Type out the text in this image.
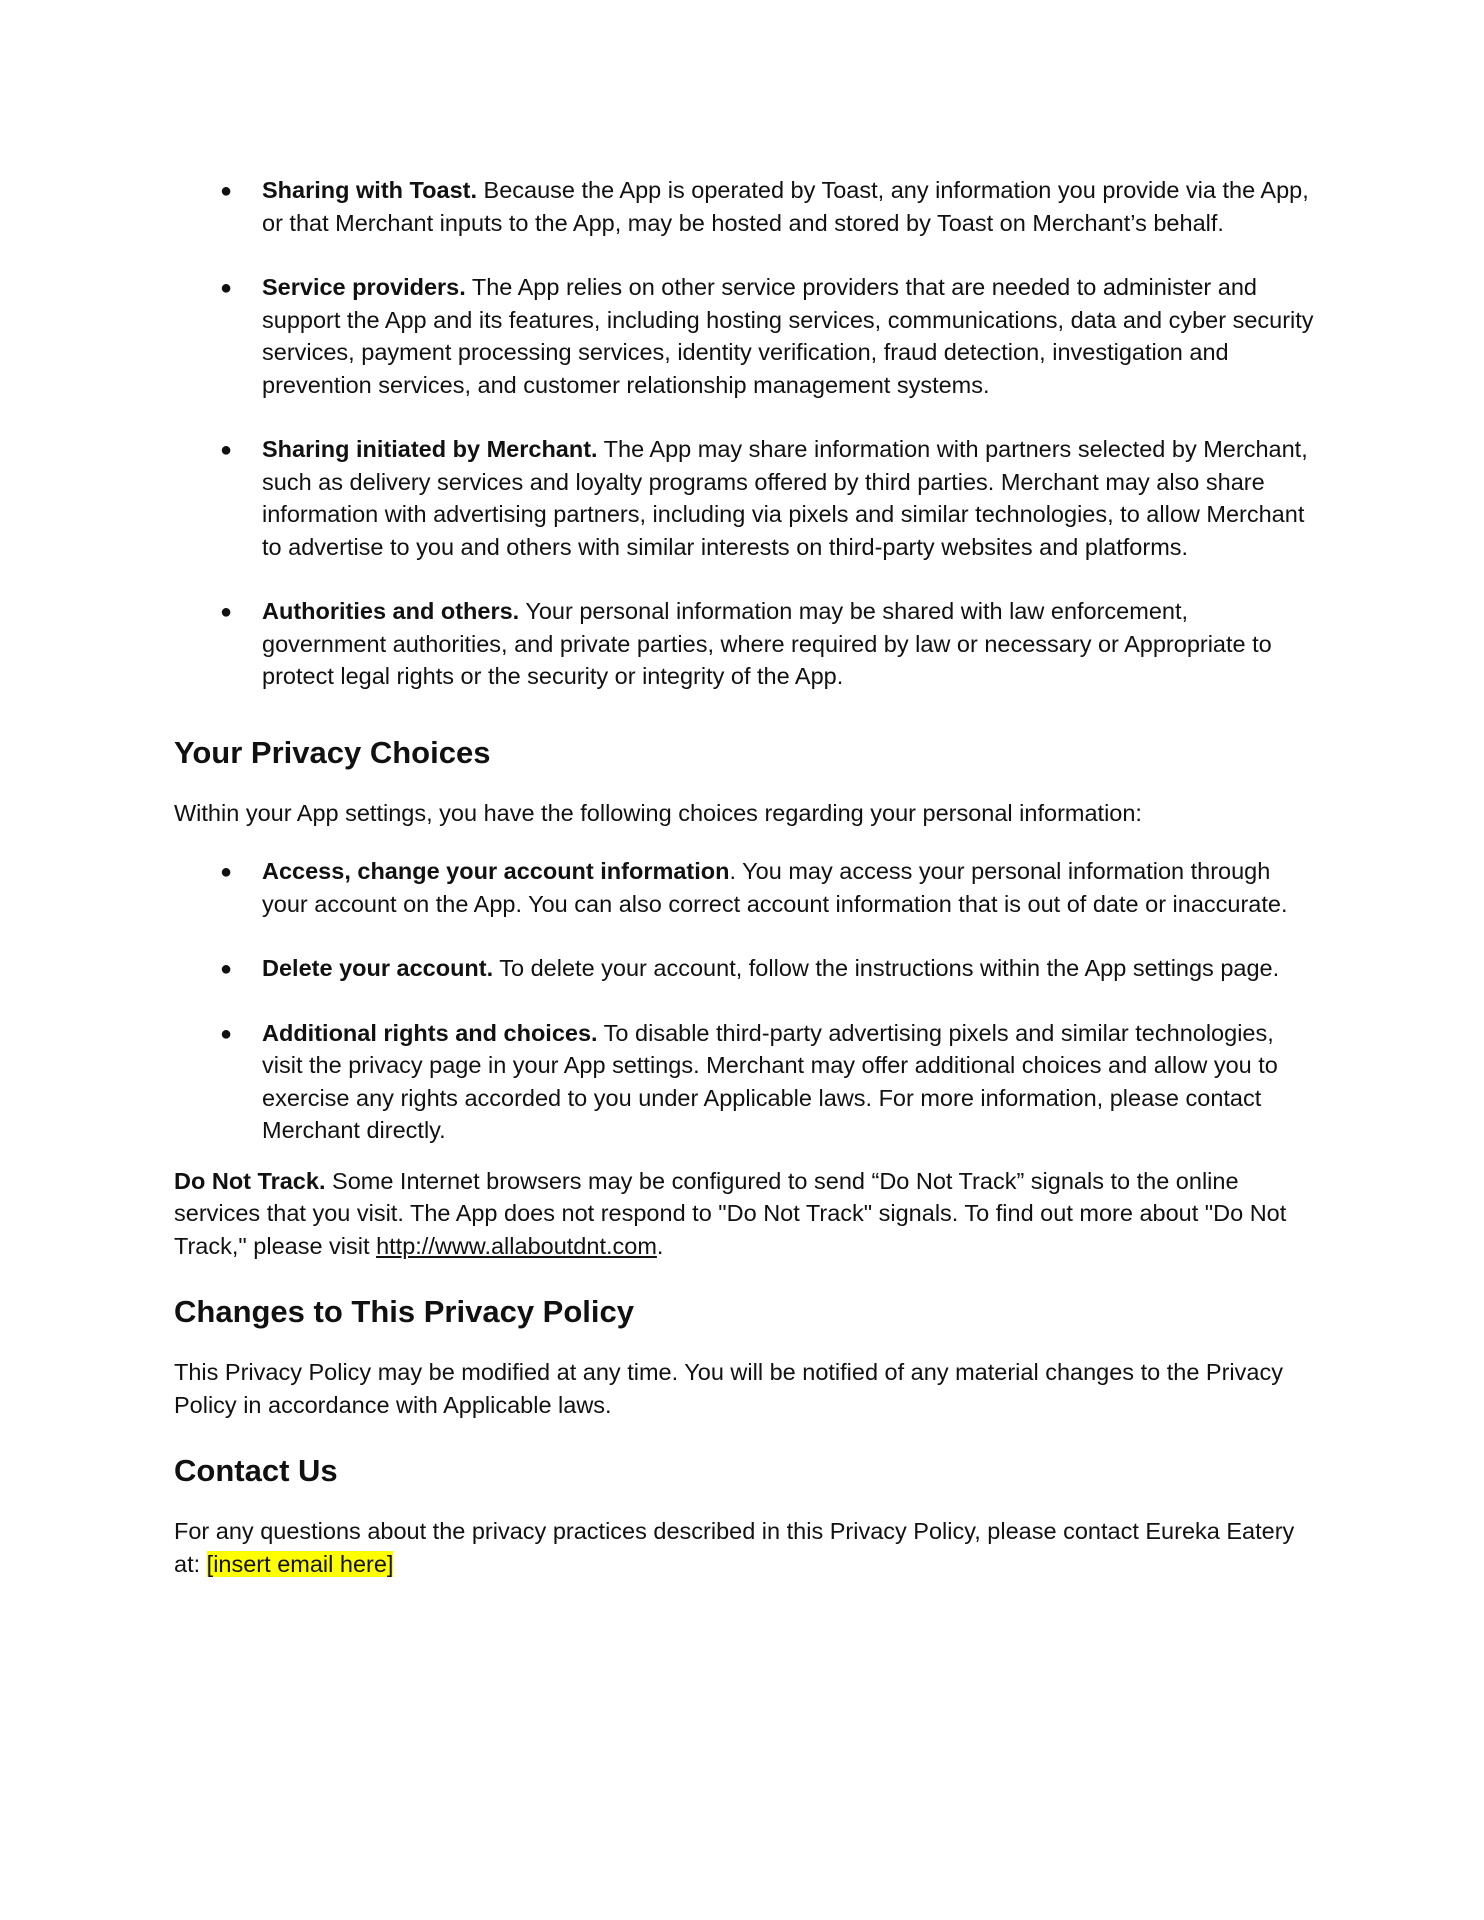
● Sharing with Toast. Because the App is operated by Toast, any information you provide via the App, or that Merchant inputs to the App, may be hosted and stored by Toast on Merchant’s behalf.
● Service providers. The App relies on other service providers that are needed to administer and support the App and its features, including hosting services, communications, data and cyber security services, payment processing services, identity verification, fraud detection, investigation and prevention services, and customer relationship management systems.
● Sharing initiated by Merchant. The App may share information with partners selected by Merchant, such as delivery services and loyalty programs offered by third parties. Merchant may also share information with advertising partners, including via pixels and similar technologies, to allow Merchant to advertise to you and others with similar interests on third-party websites and platforms.
● Authorities and others. Your personal information may be shared with law enforcement, government authorities, and private parties, where required by law or necessary or Appropriate to protect legal rights or the security or integrity of the App.
Your Privacy Choices

Within your App settings, you have the following choices regarding your personal information:

● Access, change your account information. You may access your personal information through your account on the App. You can also correct account information that is out of date or inaccurate.
● Delete your account. To delete your account, follow the instructions within the App settings page.
● Additional rights and choices. To disable third-party advertising pixels and similar technologies, visit the privacy page in your App settings. Merchant may offer additional choices and allow you to exercise any rights accorded to you under Applicable laws. For more information, please contact Merchant directly.

Do Not Track. Some Internet browsers may be configured to send “Do Not Track” signals to the online services that you visit. The App does not respond to "Do Not Track" signals. To find out more about "Do Not Track," please visit http://www.allaboutdnt.com.

Changes to This Privacy Policy

This Privacy Policy may be modified at any time. You will be notified of any material changes to the Privacy Policy in accordance with Applicable laws.

Contact Us

For any questions about the privacy practices described in this Privacy Policy, please contact Eureka Eatery at: [insert email here]
